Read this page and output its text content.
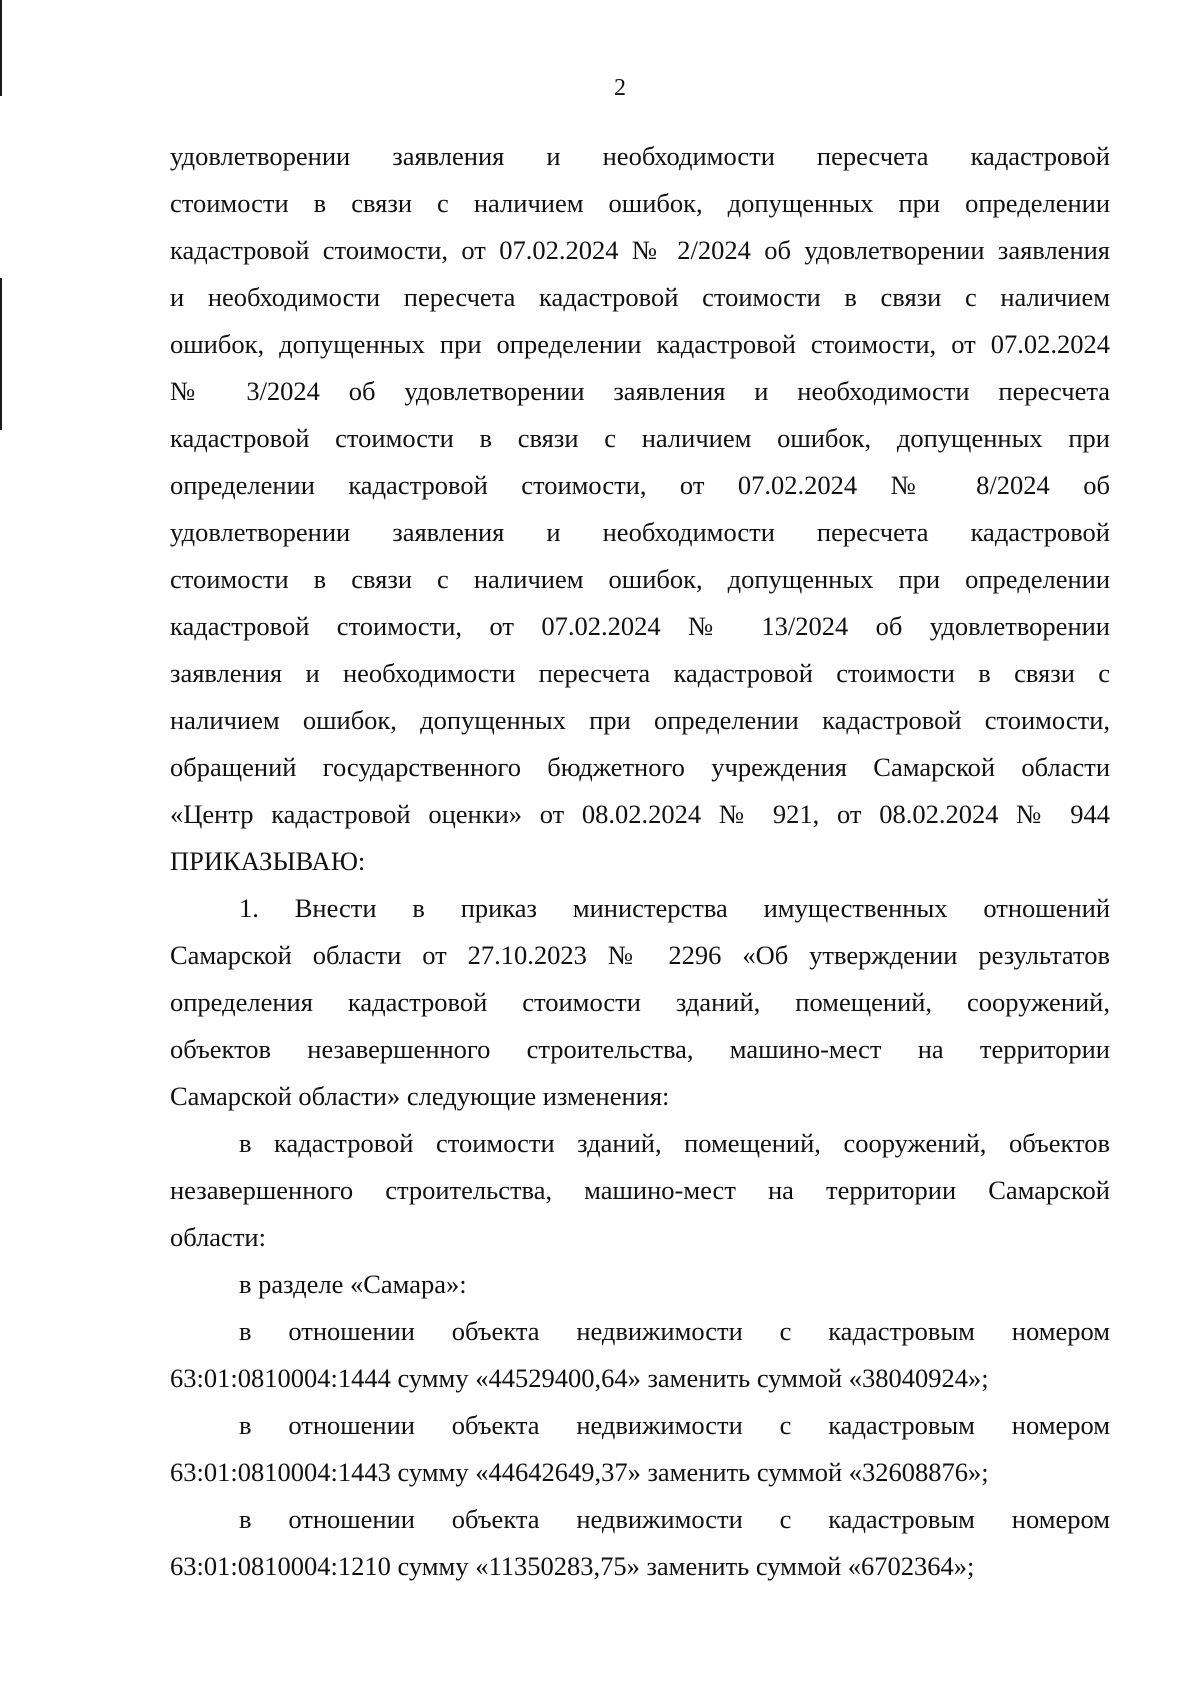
2
удовлетворении заявления и необходимости пересчета кадастровой
стоимости в связи с наличием ошибок, допущенных при определении
кадастровой стоимости, от 07.02.2024 № 2/2024 об удовлетворении заявления
и необходимости пересчета кадастровой стоимости в связи с наличием
ошибок, допущенных при определении кадастровой стоимости, от 07.02.2024
№ 3/2024 об удовлетворении заявления и необходимости пересчета
кадастровой стоимости в связи с наличием ошибок, допущенных при
определении кадастровой стоимости, от 07.02.2024 № 8/2024 об
удовлетворении заявления и необходимости пересчета кадастровой
стоимости в связи с наличием ошибок, допущенных при определении
кадастровой стоимости, от 07.02.2024 № 13/2024 об удовлетворении
заявления и необходимости пересчета кадастровой стоимости в связи с
наличием ошибок, допущенных при определении кадастровой стоимости,
обращений государственного бюджетного учреждения Самарской области
«Центр кадастровой оценки» от 08.02.2024 № 921, от 08.02.2024 № 944
ПРИКАЗЫВАЮ:
1. Внести в приказ министерства имущественных отношений
Самарской области от 27.10.2023 № 2296 «Об утверждении результатов
определения кадастровой стоимости зданий, помещений, сооружений,
объектов незавершенного строительства, машино-мест на территории
Самарской области» следующие изменения:
в кадастровой стоимости зданий, помещений, сооружений, объектов
незавершенного строительства, машино-мест на территории Самарской
области:
в разделе «Самара»:
в отношении объекта недвижимости с кадастровым номером
63:01:0810004:1444 сумму «44529400,64» заменить суммой «38040924»;
в отношении объекта недвижимости с кадастровым номером
63:01:0810004:1443 сумму «44642649,37» заменить суммой «32608876»;
в отношении объекта недвижимости с кадастровым номером
63:01:0810004:1210 сумму «11350283,75» заменить суммой «6702364»;
